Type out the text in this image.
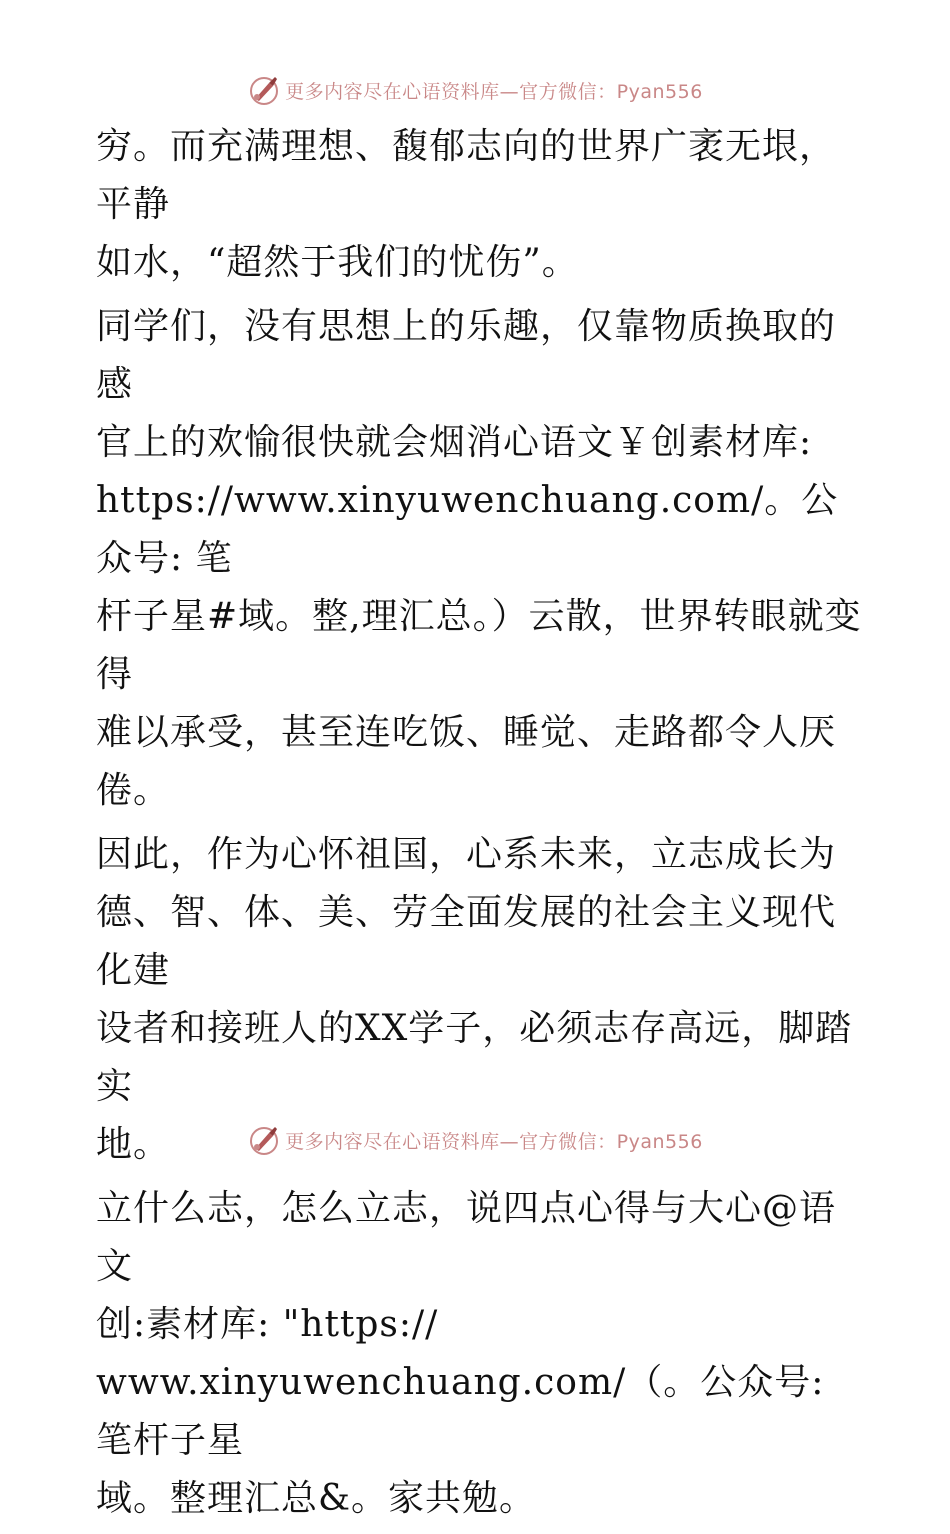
更多内容尽在心语资料库—官方微信：Pyan556

穷。而充满理想、馥郁志向的世界广袤无垠，平静
如水，“超然于我们的忧伤”。

同学们，没有思想上的乐趣，仅靠物质换取的感
官上的欢愉很快就会烟消心语文￥创素材库:
https://www.xinyuwenchuang.com/。公众号: 笔
杆子星#域。整,理汇总。）云散，世界转眼就变得
难以承受，甚至连吃饭、睡觉、走路都令人厌倦。

因此，作为心怀祖国，心系未来，立志成长为
德、智、体、美、劳全面发展的社会主义现代化建
设者和接班人的XX学子，必须志存高远，脚踏实
地。

立什么志，怎么立志，说四点心得与大心@语文
创:素材库: "https://
www.xinyuwenchuang.com/（。公众号: 笔杆子星
域。整理汇总&。家共勉。

更多内容尽在心语资料库—官方微信：Pyan556
